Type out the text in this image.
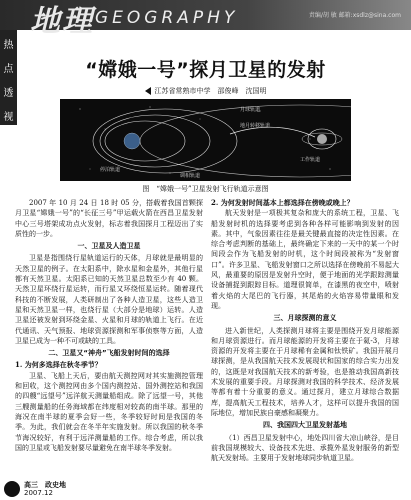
地理 GEOGRAPHY	责编/胡 敏 邮箱:xsdlz@sina.com
热
点
透
视
“嫦娥一号”探月卫星的发射
江苏省常熟市中学　邵俊峰　沈国明
月球轨道
地月转移轨道
停泊轨道
调相轨道
工作轨道
图　“嫦娥一号”卫星发射飞行轨道示意图

2007 年 10 月 24 日 18 时 05 分，搭载着我国首颗探月卫星“嫦娥一号”的“长征三号”甲运载火箭在西昌卫星发射中心三号塔架成功点火发射，标志着我国探月工程迈出了实质性的一步。

一、卫星及人造卫星

卫星是指围绕行星轨道运行的天体，月球就是最明显的天然卫星的例子。在太阳系中，除水星和金星外，其他行星都有天然卫星。太阳系已知的天然卫星总数至少有 40 颗。天然卫星环绕行星运转，而行星又环绕恒星运转。随着现代科技的不断发展，人类研制出了各种人造卫星，这些人造卫星和天然卫星一样，也绕行星（大部分是地球）运转。人造卫星还被发射到环绕金星、火星和月球的轨道上飞行。在近代通讯、天气预报、地球资源探测和军事侦察等方面，人造卫星已成为一种不可或缺的工具。

二、卫星又“神舟”飞船发射时间的选择

1. 为何多选择在秋冬季节？

卫星、飞船上天后，要由航天测控网对其实施测控管理和回收，这个测控网由多个国内测控站、国外测控站和我国的四艘“远望号”远洋航天测量船组成。除了远望一号，其他三艘测量船的任务海域都在纬度相对较高的南半球。那里的海况在南半球的夏季会好一些，冬季较好时间是我国的冬季。为此，我们就会在冬半年实施发射。所以我国的秋冬季节海况较好，有利于远洋测量船的工作。综合考虑，所以我国的卫星或飞船发射要尽量避免在南半球冬季发射。

2. 为何发射时间基本上都选择在傍晚或晚上？

航天发射是一项极其复杂和庞大的系统工程，卫星、飞船发射时机的选择要考虑到各种各样可能影响到发射的因素。其中，气象因素往往是最关键最直接的决定性因素。在综合考虑判断的基础上，最终确定下来的一天中的某一个时间段会作为飞船发射的时机，这个时间段被称为“发射窗口”。许多卫星、飞船发射窗口之所以选择在傍晚前不易起大风，最重要的原因是发射升空时，便于地面的光学跟踪测量设备捕捉到跟踪目标。道理很简单，在漆黑的夜空中，喷射着火焰的大尾巴的飞行器，其尾焰的火焰容易带量眼和发现。

三、月球探测的意义

进入新世纪，人类探测月球将主要是围绕开发月球能源和月球资源进行。而月球能源的开发将主要在于氦-3，月球资源的开发将主要在于月球稀有金属和钛铁矿。我国开展月球探测，是从我国航天技术发展现状和国家的综合实力出发的，这既是对我国航天技术的新考验，也是推动我国高新技术发展的重要手段。月球探测对我国的科学技术、经济发展等都有着十分重要的意义。通过探月，建立月球综合数据库，提高航天工程技术，培养人才，这样可以提升我国的国际地位，增加民族自豪感和凝聚力。

四、我国四大卫星发射基地

（1）西昌卫星发射中心，地处四川省大凉山峡谷，是目前我国规模较大、设备技术先进、承揽外星发射服务的新型航天发射场。主要用于发射地球同步轨道卫星。

高三　政史地
2007.12
